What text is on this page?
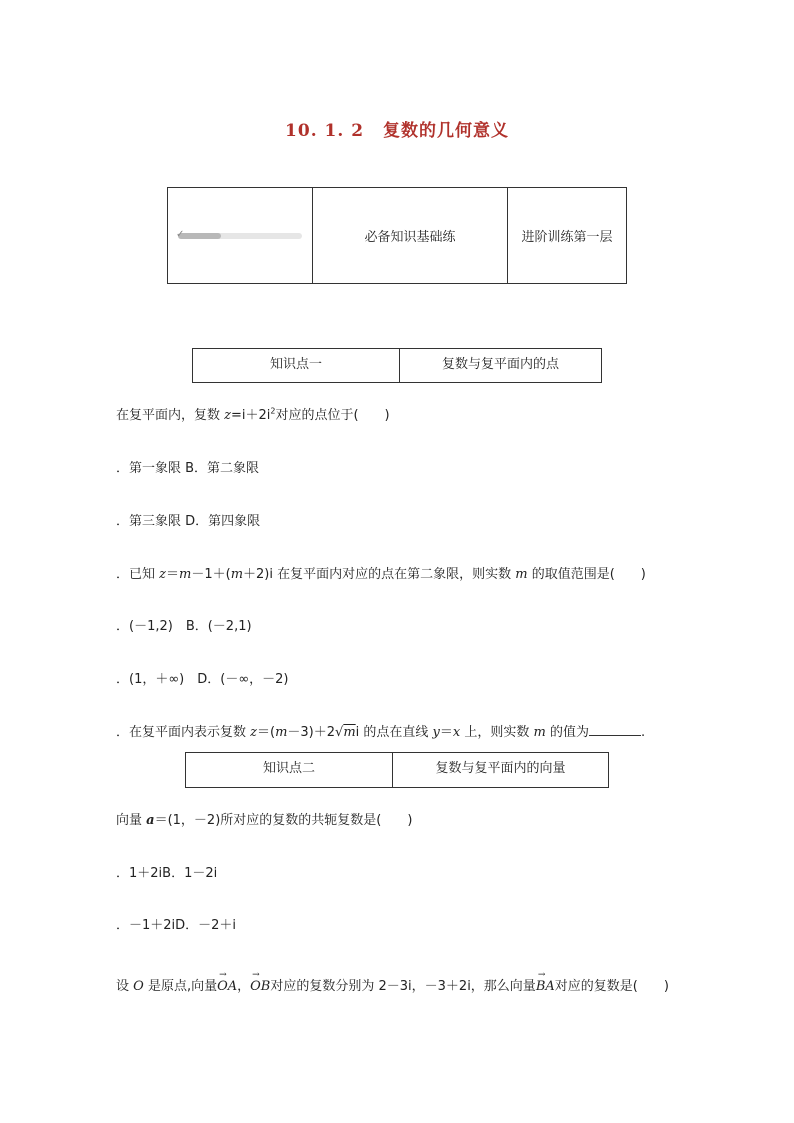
10. 1. 2 复数的几何意义
✓	必备知识基础练	进阶训练第一层
知识点一	复数与复平面内的点
在复平面内，复数 $z=i+2i^2$对应的点位于(　　)
．第一象限 B．第二象限
．第三象限 D．第四象限
．已知 z＝m－1＋(m＋2)i 在复平面内对应的点在第二象限，则实数 m 的取值范围是(　　)
．(－1,2)　B．(－2,1)
．(1，＋∞)　D．(－∞，－2)
．在复平面内表示复数 z＝(m－3)＋2√mi 的点在直线 y＝x 上，则实数 m 的值为	.
知识点二	复数与复平面内的向量
向量 a＝(1，－2)所对应的复数的共轭复数是(　　)
．1＋2iB．1－2i
．－1＋2iD．－2＋i
设 O 是原点,向量→ OA，→ OB对应的复数分别为 2－3i，－3＋2i，那么向量→ BA对应的复数是(　　)
